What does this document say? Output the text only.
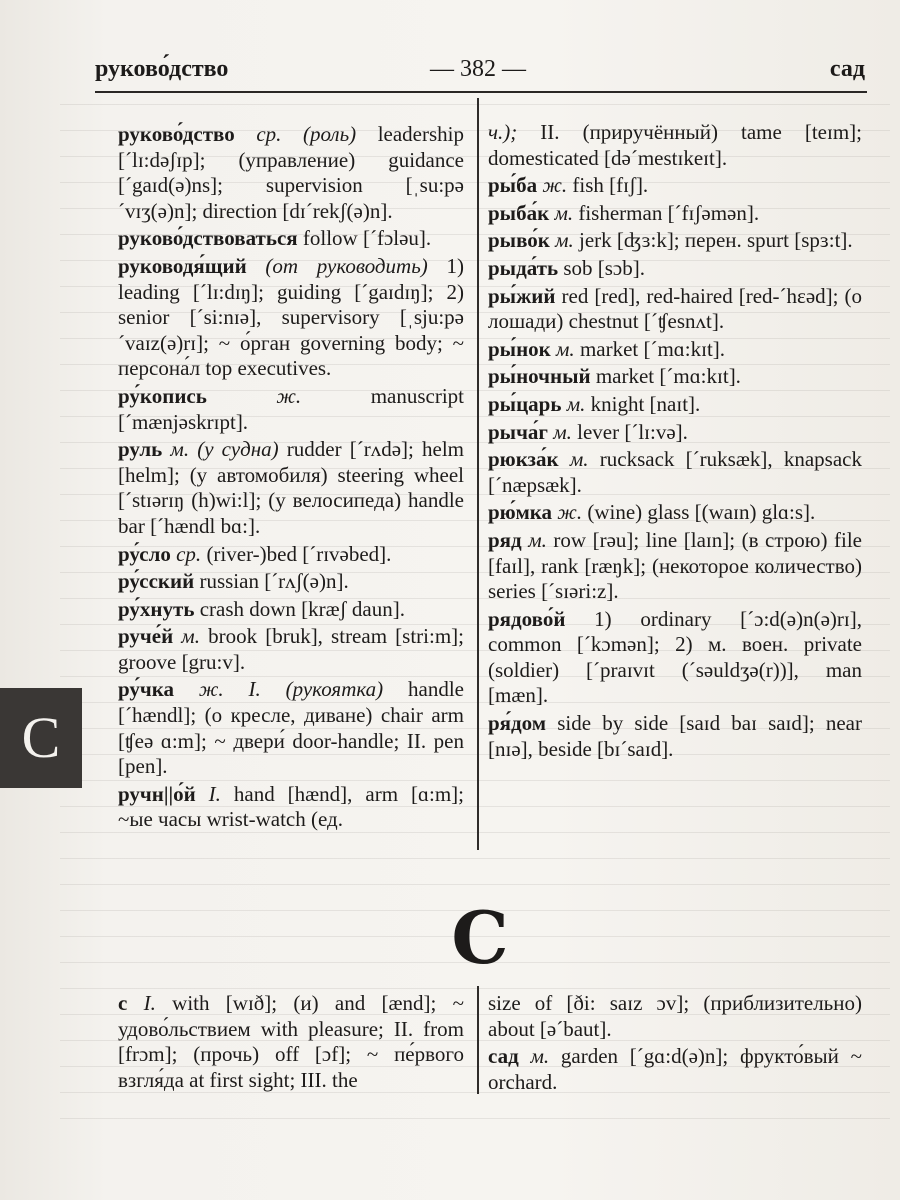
руково́дство	— 382 —	сад

руково́дство ср. (роль) leadership [´lɪ:dəʃɪp]; (управление) guidance [´gaɪd(ə)ns]; supervision [ˌsu:pə´vɪʒ(ə)n]; direction [dɪ´rekʃ(ə)n].

руково́дствоваться follow [´fɔləu].

руководя́щий (от руководить) 1) leading [´lɪ:dɪŋ]; guiding [´gaɪdɪŋ]; 2) senior [´si:nɪə], supervisory [ˌsju:pə´vaɪz(ə)rɪ]; ~ о́рган governing body; ~ персона́л top executives.

ру́копись ж. manuscript [´mænjəskrɪpt].

руль м. (у судна) rudder [´rʌdə]; helm [helm]; (у автомобиля) steering wheel [´stɪərɪŋ (h)wi:l]; (у велосипеда) handle bar [´hændl bɑ:].

ру́сло ср. (river-)bed [´rɪvəbed].

ру́сский russian [´rʌʃ(ə)n].

ру́хнуть crash down [kræʃ daun].

руче́й м. brook [bruk], stream [stri:m]; groove [gru:v].

ру́чка ж. I. (рукоятка) handle [´hændl]; (о кресле, диване) chair arm [ʧeə ɑ:m]; ~ двери́ door-handle; II. pen [pen].

ручн||о́й I. hand [hænd], arm [ɑ:m]; ~ые часы wrist-watch (ед.

ч.); II. (приручённый) tame [teɪm]; domesticated [də´mestɪkeɪt].

ры́ба ж. fish [fɪʃ].

рыба́к м. fisherman [´fɪʃəmən].

рыво́к м. jerk [ʤɜ:k]; перен. spurt [spɜ:t].

рыда́ть sob [sɔb].

ры́жий red [red], red-haired [red-´hεəd]; (о лошади) chestnut [´ʧesnʌt].

ры́нок м. market [´mɑ:kɪt].

ры́ночный market [´mɑ:kɪt].

ры́царь м. knight [naɪt].

рыча́г м. lever [´lɪ:və].

рюкза́к м. rucksack [´ruksæk], knapsack [´næpsæk].

рю́мка ж. (wine) glass [(waɪn) glɑ:s].

ряд м. row [rəu]; line [laɪn]; (в строю) file [faɪl], rank [ræŋk]; (некоторое количество) series [´sɪəri:z].

рядово́й 1) ordinary [´ɔ:d(ə)n(ə)rɪ], common [´kɔmən]; 2) м. воен. private (soldier) [´praɪvɪt (´səuldʒə(r))], man [mæn].

ря́дом side by side [saɪd baɪ saɪd]; near [nɪə], beside [bɪ´saɪd].

С

с I. with [wɪð]; (и) and [ænd]; ~ удово́льствием with pleasure; II. from [frɔm]; (прочь) off [ɔf]; ~ пе́рвого взгля́да at first sight; III. the

size of [ði: saɪz ɔv]; (приблизительно) about [ə´baut].

сад м. garden [´gɑ:d(ə)n]; фрукто́вый ~ orchard.

С
